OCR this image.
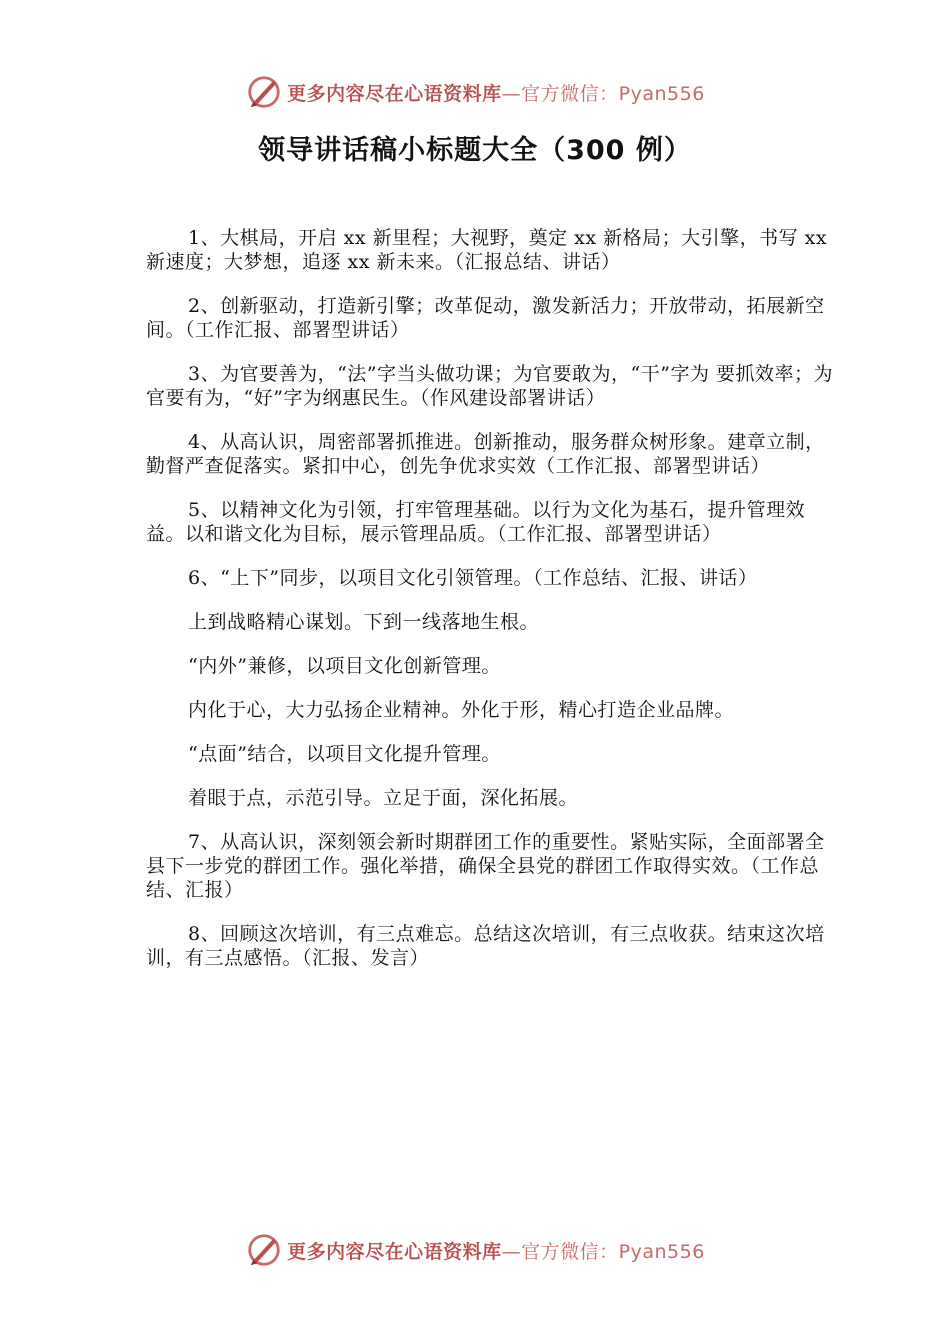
更多内容尽在心语资料库—官方微信：Pyan556
领导讲话稿小标题大全（300 例）

1、大棋局，开启 xx 新里程；大视野，奠定 xx 新格局；大引擎，书写 xx 新速度；大梦想，追逐 xx 新未来。（汇报总结、讲话）

2、创新驱动，打造新引擎；改革促动，激发新活力；开放带动，拓展新空间。（工作汇报、部署型讲话）

3、为官要善为，“法”字当头做功课；为官要敢为，“干”字为 要抓效率；为官要有为，“好”字为纲惠民生。（作风建设部署讲话）

4、从高认识，周密部署抓推进。创新推动，服务群众树形象。建章立制，勤督严查促落实。紧扣中心，创先争优求实效（工作汇报、部署型讲话）

5、以精神文化为引领，打牢管理基础。以行为文化为基石，提升管理效益。以和谐文化为目标，展示管理品质。（工作汇报、部署型讲话）

6、“上下”同步，以项目文化引领管理。（工作总结、汇报、讲话）

上到战略精心谋划。下到一线落地生根。

“内外”兼修，以项目文化创新管理。

内化于心，大力弘扬企业精神。外化于形，精心打造企业品牌。

“点面”结合，以项目文化提升管理。

着眼于点，示范引导。立足于面，深化拓展。

7、从高认识，深刻领会新时期群团工作的重要性。紧贴实际，全面部署全县下一步党的群团工作。强化举措，确保全县党的群团工作取得实效。（工作总结、汇报）

8、回顾这次培训，有三点难忘。总结这次培训，有三点收获。结束这次培训，有三点感悟。（汇报、发言）

更多内容尽在心语资料库—官方微信：Pyan556
